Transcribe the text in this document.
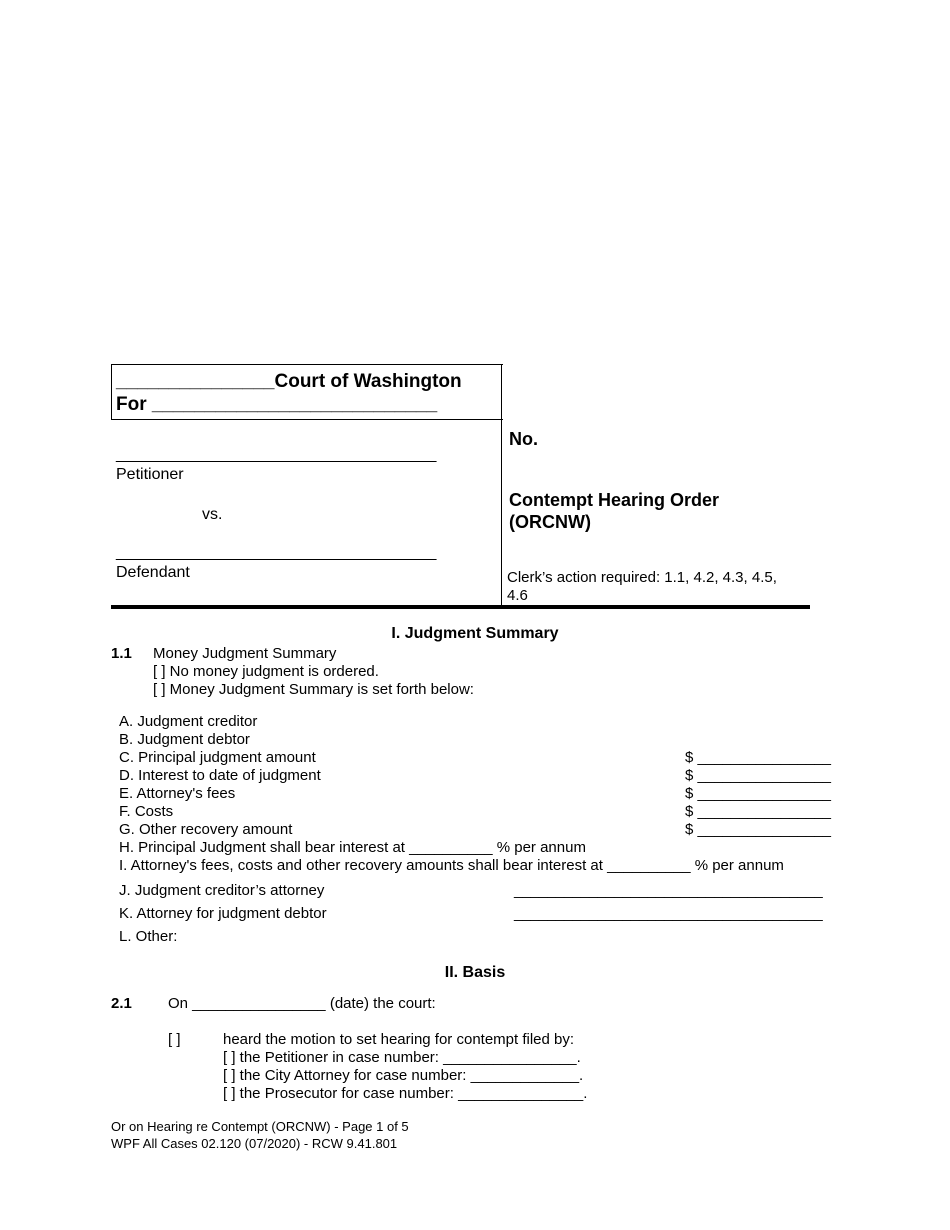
_______________Court of Washington
For ___________________________
____________________________________
Petitioner
vs.
____________________________________
Defendant
No.
Contempt Hearing Order
(ORCNW)
Clerk’s action required: 1.1, 4.2, 4.3, 4.5,
4.6
I. Judgment Summary
1.1 Money Judgment Summary
[ ] No money judgment is ordered.
[ ] Money Judgment Summary is set forth below:
A. Judgment creditor
B. Judgment debtor
C. Principal judgment amount	$ ________________
D. Interest to date of judgment	$ ________________
E. Attorney's fees	$ ________________
F. Costs	$ ________________
G. Other recovery amount	$ ________________
H. Principal Judgment shall bear interest at __________ % per annum
I. Attorney's fees, costs and other recovery amounts shall bear interest at __________ % per annum
J. Judgment creditor’s attorney	_____________________________________
K. Attorney for judgment debtor	_____________________________________
L. Other:
II. Basis
2.1 On ________________ (date) the court:
[ ]	heard the motion to set hearing for contempt filed by:
[ ] the Petitioner in case number: ________________.
[ ] the City Attorney for case number: _____________.
[ ] the Prosecutor for case number: _______________.
Or on Hearing re Contempt (ORCNW) - Page 1 of 5
WPF All Cases 02.120 (07/2020) - RCW 9.41.801
